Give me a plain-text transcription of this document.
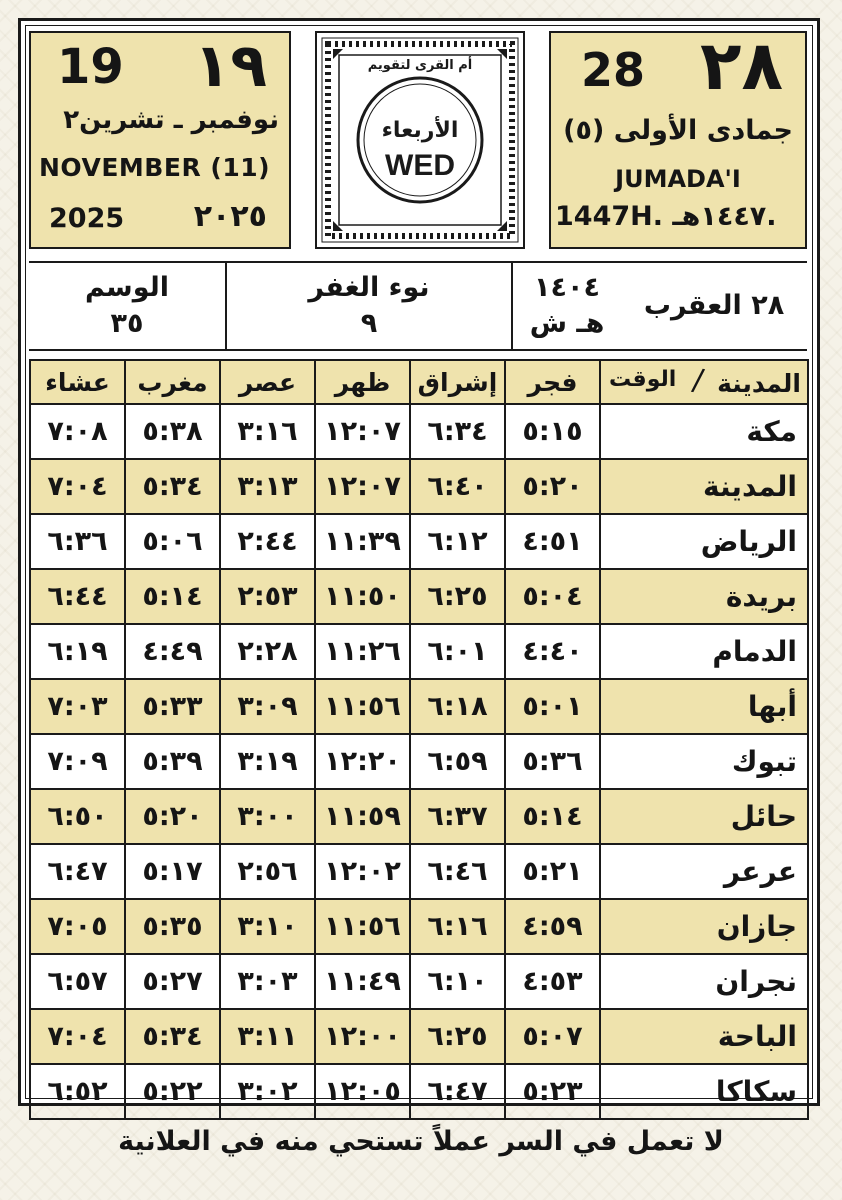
19 ١٩
نوفمبر ـ تشرين٢
NOVEMBER (11)
2025 ٢٠٢٥
أم القرى لتقويم
الأربعاء
WED
28 ٢٨
جمادى الأولى (٥)
JUMADA'I
1447H. ١٤٤٧هـ.
الوسم
٣٥
نوء الغفر
٩
١٤٠٤
هـ ش
٢٨ العقرب
عشاء	مغرب	عصر	ظهر	إشراق	فجر	المدينة
/
الوقت

٧:٠٨	٥:٣٨	٣:١٦	١٢:٠٧	٦:٣٤	٥:١٥	مكة
٧:٠٤	٥:٣٤	٣:١٣	١٢:٠٧	٦:٤٠	٥:٢٠	المدينة
٦:٣٦	٥:٠٦	٢:٤٤	١١:٣٩	٦:١٢	٤:٥١	الرياض
٦:٤٤	٥:١٤	٢:٥٣	١١:٥٠	٦:٢٥	٥:٠٤	بريدة
٦:١٩	٤:٤٩	٢:٢٨	١١:٢٦	٦:٠١	٤:٤٠	الدمام
٧:٠٣	٥:٣٣	٣:٠٩	١١:٥٦	٦:١٨	٥:٠١	أبها
٧:٠٩	٥:٣٩	٣:١٩	١٢:٢٠	٦:٥٩	٥:٣٦	تبوك
٦:٥٠	٥:٢٠	٣:٠٠	١١:٥٩	٦:٣٧	٥:١٤	حائل
٦:٤٧	٥:١٧	٢:٥٦	١٢:٠٢	٦:٤٦	٥:٢١	عرعر
٧:٠٥	٥:٣٥	٣:١٠	١١:٥٦	٦:١٦	٤:٥٩	جازان
٦:٥٧	٥:٢٧	٣:٠٣	١١:٤٩	٦:١٠	٤:٥٣	نجران
٧:٠٤	٥:٣٤	٣:١١	١٢:٠٠	٦:٢٥	٥:٠٧	الباحة
٦:٥٢	٥:٢٢	٣:٠٢	١٢:٠٥	٦:٤٧	٥:٢٣	سكاكا
لا تعمل في السر عملاً تستحي منه في العلانية
